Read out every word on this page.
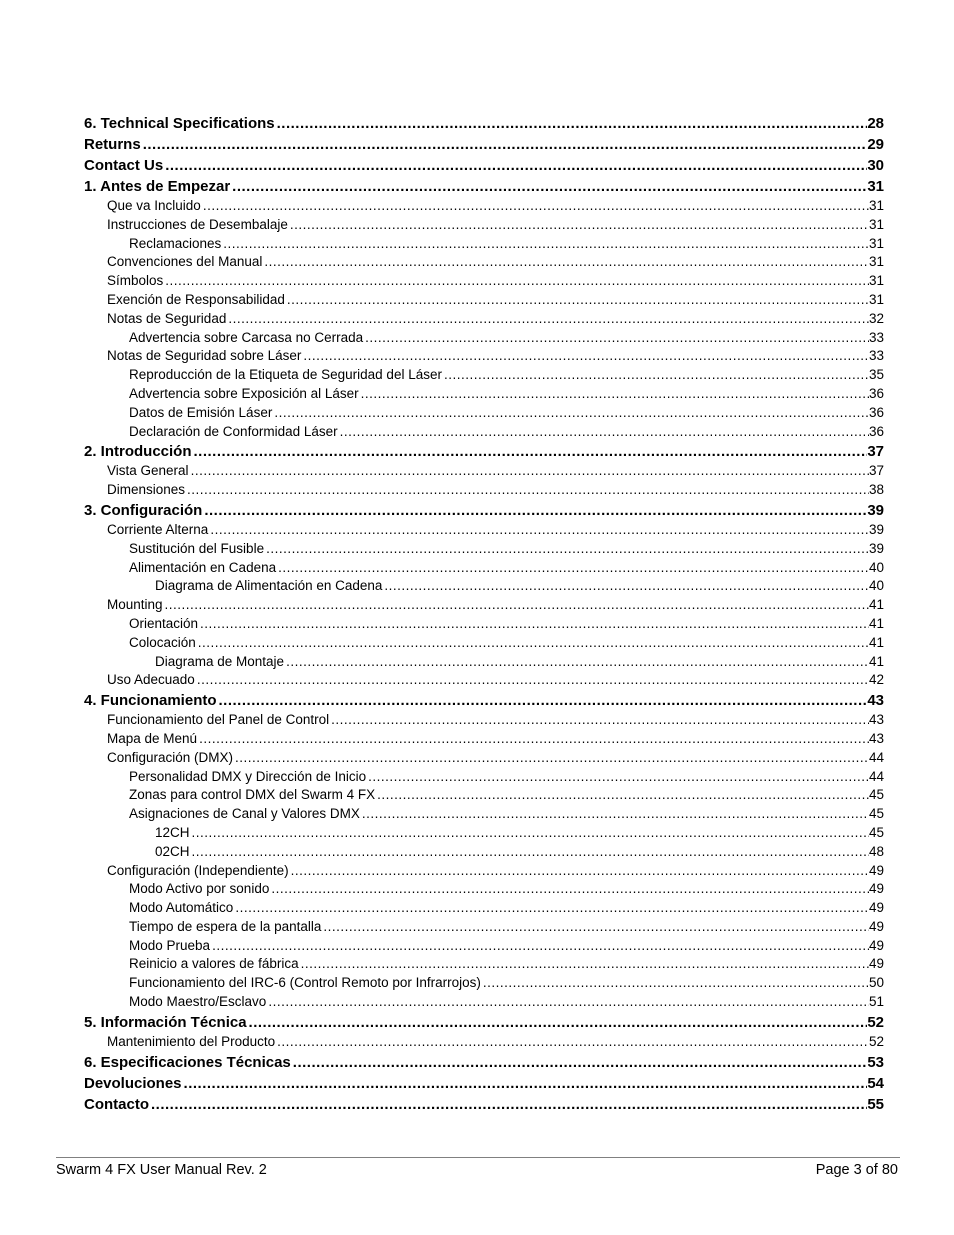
6. Technical Specifications .....	28
Returns .....	29
Contact Us .....	30
1. Antes de Empezar .....	31
Que va Incluido .....	31
Instrucciones de Desembalaje .....	31
Reclamaciones .....	31
Convenciones del Manual .....	31
Símbolos .....	31
Exención de Responsabilidad .....	31
Notas de Seguridad .....	32
Advertencia sobre Carcasa no Cerrada .....	33
Notas de Seguridad sobre Láser .....	33
Reproducción de la Etiqueta de Seguridad del Láser .....	35
Advertencia sobre Exposición al Láser .....	36
Datos de Emisión Láser .....	36
Declaración de Conformidad Láser .....	36
2. Introducción .....	37
Vista General .....	37
Dimensiones .....	38
3. Configuración .....	39
Corriente Alterna .....	39
Sustitución del Fusible .....	39
Alimentación en Cadena .....	40
Diagrama de Alimentación en Cadena .....	40
Mounting .....	41
Orientación .....	41
Colocación .....	41
Diagrama de Montaje .....	41
Uso Adecuado .....	42
4. Funcionamiento .....	43
Funcionamiento del Panel de Control .....	43
Mapa de Menú .....	43
Configuración (DMX) .....	44
Personalidad DMX y Dirección de Inicio .....	44
Zonas para control DMX del Swarm 4 FX .....	45
Asignaciones de Canal y Valores DMX .....	45
12CH .....	45
02CH .....	48
Configuración (Independiente) .....	49
Modo Activo por sonido .....	49
Modo Automático .....	49
Tiempo de espera de la pantalla .....	49
Modo Prueba .....	49
Reinicio a valores de fábrica .....	49
Funcionamiento del IRC-6 (Control Remoto por Infrarrojos) .....	50
Modo Maestro/Esclavo .....	51
5. Información Técnica .....	52
Mantenimiento del Producto .....	52
6. Especificaciones Técnicas .....	53
Devoluciones .....	54
Contacto .....	55
Swarm 4 FX User Manual Rev. 2	Page 3 of 80
